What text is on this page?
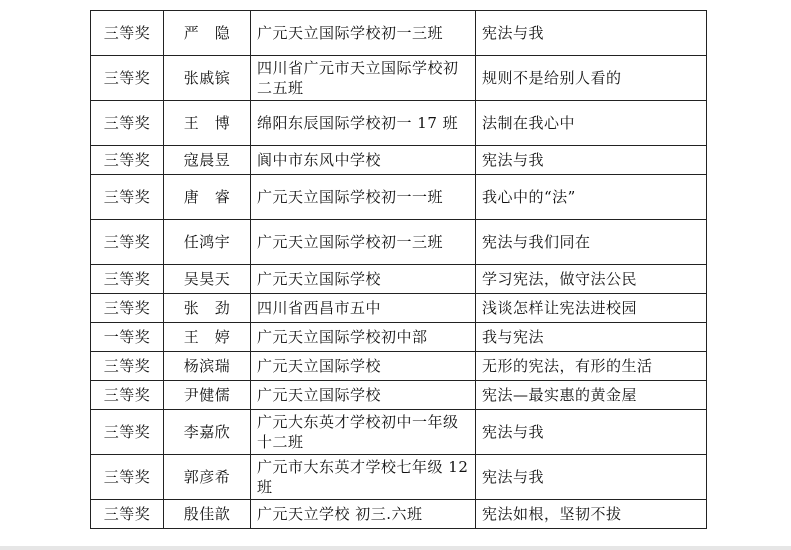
三等奖	严　隐	广元天立国际学校初一三班	宪法与我
三等奖	张戚镔	四川省广元市天立国际学校初二五班	规则不是给别人看的
三等奖	王　博	绵阳东辰国际学校初一 17 班	法制在我心中
三等奖	寇晨昱	阆中市东风中学校	宪法与我
三等奖	唐　睿	广元天立国际学校初一一班	我心中的“法”
三等奖	任鸿宇	广元天立国际学校初一三班	宪法与我们同在
三等奖	吴昊天	广元天立国际学校	学习宪法，做守法公民
三等奖	张　劲	四川省西昌市五中	浅谈怎样让宪法进校园
一等奖	王　婷	广元天立国际学校初中部	我与宪法
三等奖	杨滨瑞	广元天立国际学校	无形的宪法，有形的生活
三等奖	尹健儒	广元天立国际学校	宪法—最实惠的黄金屋
三等奖	李嘉欣	广元大东英才学校初中一年级十二班	宪法与我
三等奖	郭彦希	广元市大东英才学校七年级 12 班	宪法与我
三等奖	殷佳歆	广元天立学校 初三.六班	宪法如根，坚韧不拔
